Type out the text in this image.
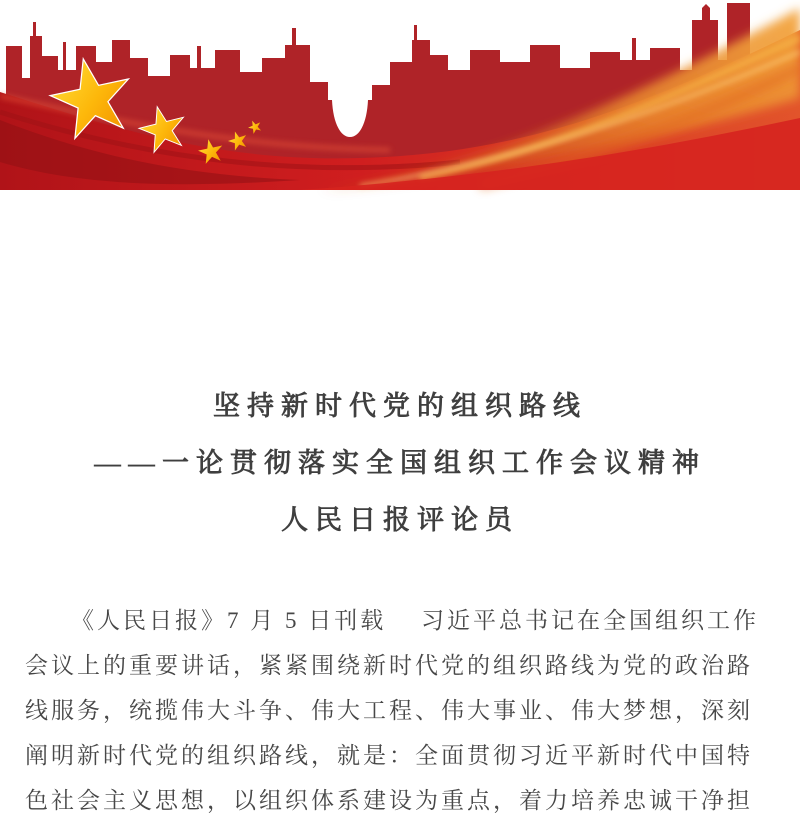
坚持新时代党的组织路线
——一论贯彻落实全国组织工作会议精神
人民日报评论员
《人民日报》7 月 5 日刊载　 习近平总书记在全国组织工作
会议上的重要讲话，紧紧围绕新时代党的组织路线为党的政治路
线服务，统揽伟大斗争、伟大工程、伟大事业、伟大梦想，深刻
阐明新时代党的组织路线，就是：全面贯彻习近平新时代中国特
色社会主义思想，以组织体系建设为重点，着力培养忠诚干净担
